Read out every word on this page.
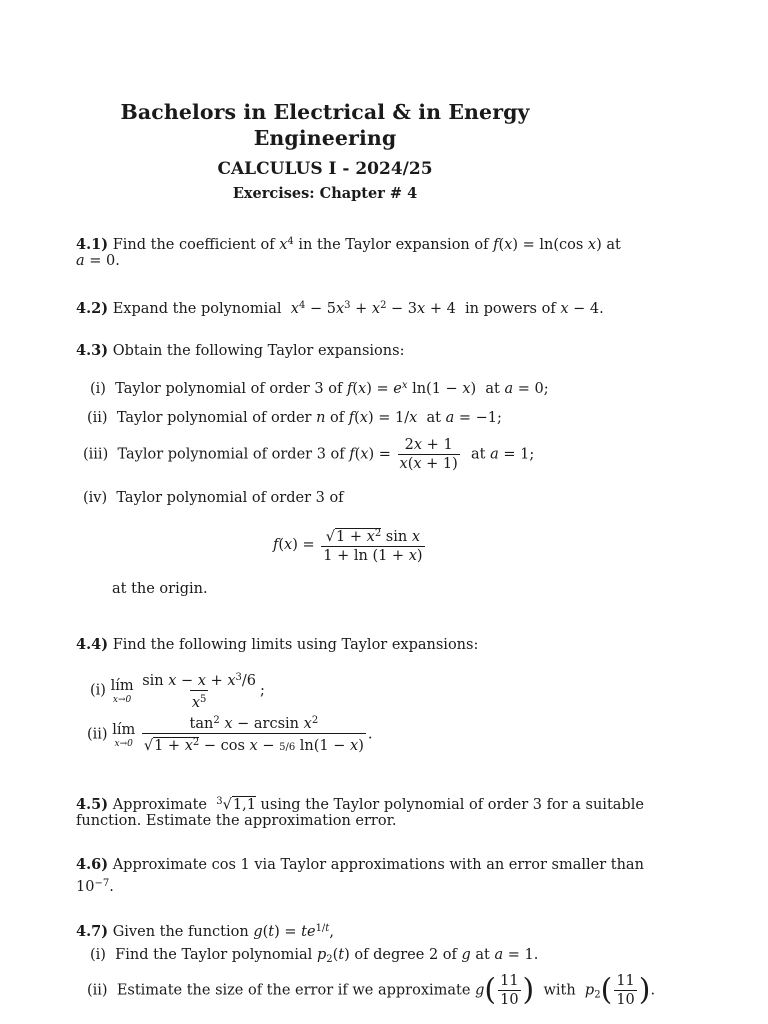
Bachelors in Electrical & in Energy
Engineering
CALCULUS I - 2024/25
Exercises: Chapter # 4
4.1) Find the coefficient of $x^4$ in the Taylor expansion of f(x) = ln(cos x) at
a = 0.
4.2) Expand the polynomial $x^4 - 5x^3 + x^2 - 3x + 4$  in powers of x − 4.
4.3) Obtain the following Taylor expansions:
(i) Taylor polynomial of order 3 of $f(x) = e^x$ ln(1 − x)  at a = 0;
(ii) Taylor polynomial of order n of f(x) = 1/x at a = −1;
(iii) Taylor polynomial of order 3 of $f(x) = \frac{2x + 1}{x(x + 1)}$ at a = 1;
(iv) Taylor polynomial of order 3 of
$f(x) = \frac{√1 + x^2 \sin x}{1 + \ln (1 + x)}$
at the origin.
4.4) Find the following limits using Taylor expansions:
(i) lím
x→0
$\frac{\sin x - x + x^3/6}{x^5}$ ;
(ii) lím
x→0
$\frac{\tan^2 x - \arcsin x^2}{√1 + x^2 - \cos x - 5/6 \ln(1 - x)}$ .
4.5) Approximate $^3$√1,1 using the Taylor polynomial of order 3 for a suitable
function. Estimate the approximation error.
4.6) Approximate cos 1 via Taylor approximations with an error smaller than
$10^{-7}$.
4.7) Given the function $g(t) = te^{1/t}$,
(i) Find the Taylor polynomial $p_2(t)$ of degree 2 of g at a = 1.
(ii) Estimate the size of the error if we approximate $g( \frac{11}{10}$ ) with $p_2( \frac{11}{10}$ ).
